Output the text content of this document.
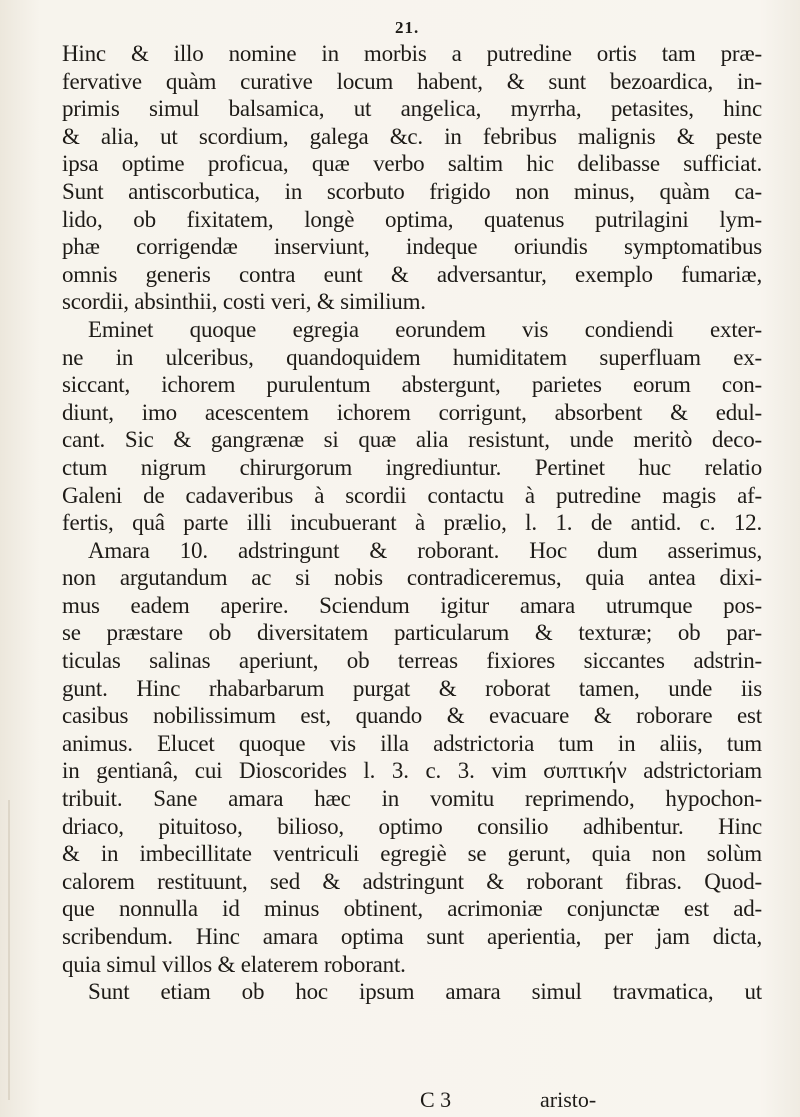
21.
Hinc & illo nomine in morbis a putredine ortis tam præ-
fervative quàm curative locum habent, & sunt bezoardica, in-
primis simul balsamica, ut angelica, myrrha, petasites, hinc
& alia, ut scordium, galega &c. in febribus malignis & peste
ipsa optime proficua, quæ verbo saltim hic delibasse sufficiat.
Sunt antiscorbutica, in scorbuto frigido non minus, quàm ca-
lido, ob fixitatem, longè optima, quatenus putrilagini lym-
phæ corrigendæ inserviunt, indeque oriundis symptomatibus
omnis generis contra eunt & adversantur, exemplo fumariæ,
scordii, absinthii, costi veri, & similium.
Eminet quoque egregia eorundem vis condiendi exter-
ne in ulceribus, quandoquidem humiditatem superfluam ex-
siccant, ichorem purulentum abstergunt, parietes eorum con-
diunt, imo acescentem ichorem corrigunt, absorbent & edul-
cant. Sic & gangrænæ si quæ alia resistunt, unde meritò deco-
ctum nigrum chirurgorum ingrediuntur. Pertinet huc relatio
Galeni de cadaveribus à scordii contactu à putredine magis af-
fertis, quâ parte illi incubuerant à prælio, l. 1. de antid. c. 12.
Amara 10. adstringunt & roborant. Hoc dum asserimus,
non argutandum ac si nobis contradiceremus, quia antea dixi-
mus eadem aperire. Sciendum igitur amara utrumque pos-
se præstare ob diversitatem particularum & texturæ; ob par-
ticulas salinas aperiunt, ob terreas fixiores siccantes adstrin-
gunt. Hinc rhabarbarum purgat & roborat tamen, unde iis
casibus nobilissimum est, quando & evacuare & roborare est
animus. Elucet quoque vis illa adstrictoria tum in aliis, tum
in gentianâ, cui Dioscorides l. 3. c. 3. vim συπτικήν adstrictoriam
tribuit. Sane amara hæc in vomitu reprimendo, hypochon-
driaco, pituitoso, bilioso, optimo consilio adhibentur. Hinc
& in imbecillitate ventriculi egregiè se gerunt, quia non solùm
calorem restituunt, sed & adstringunt & roborant fibras. Quod-
que nonnulla id minus obtinent, acrimoniæ conjunctæ est ad-
scribendum. Hinc amara optima sunt aperientia, per jam dicta,
quia simul villos & elaterem roborant.
Sunt etiam ob hoc ipsum amara simul travmatica, ut
C 3	aristo-
